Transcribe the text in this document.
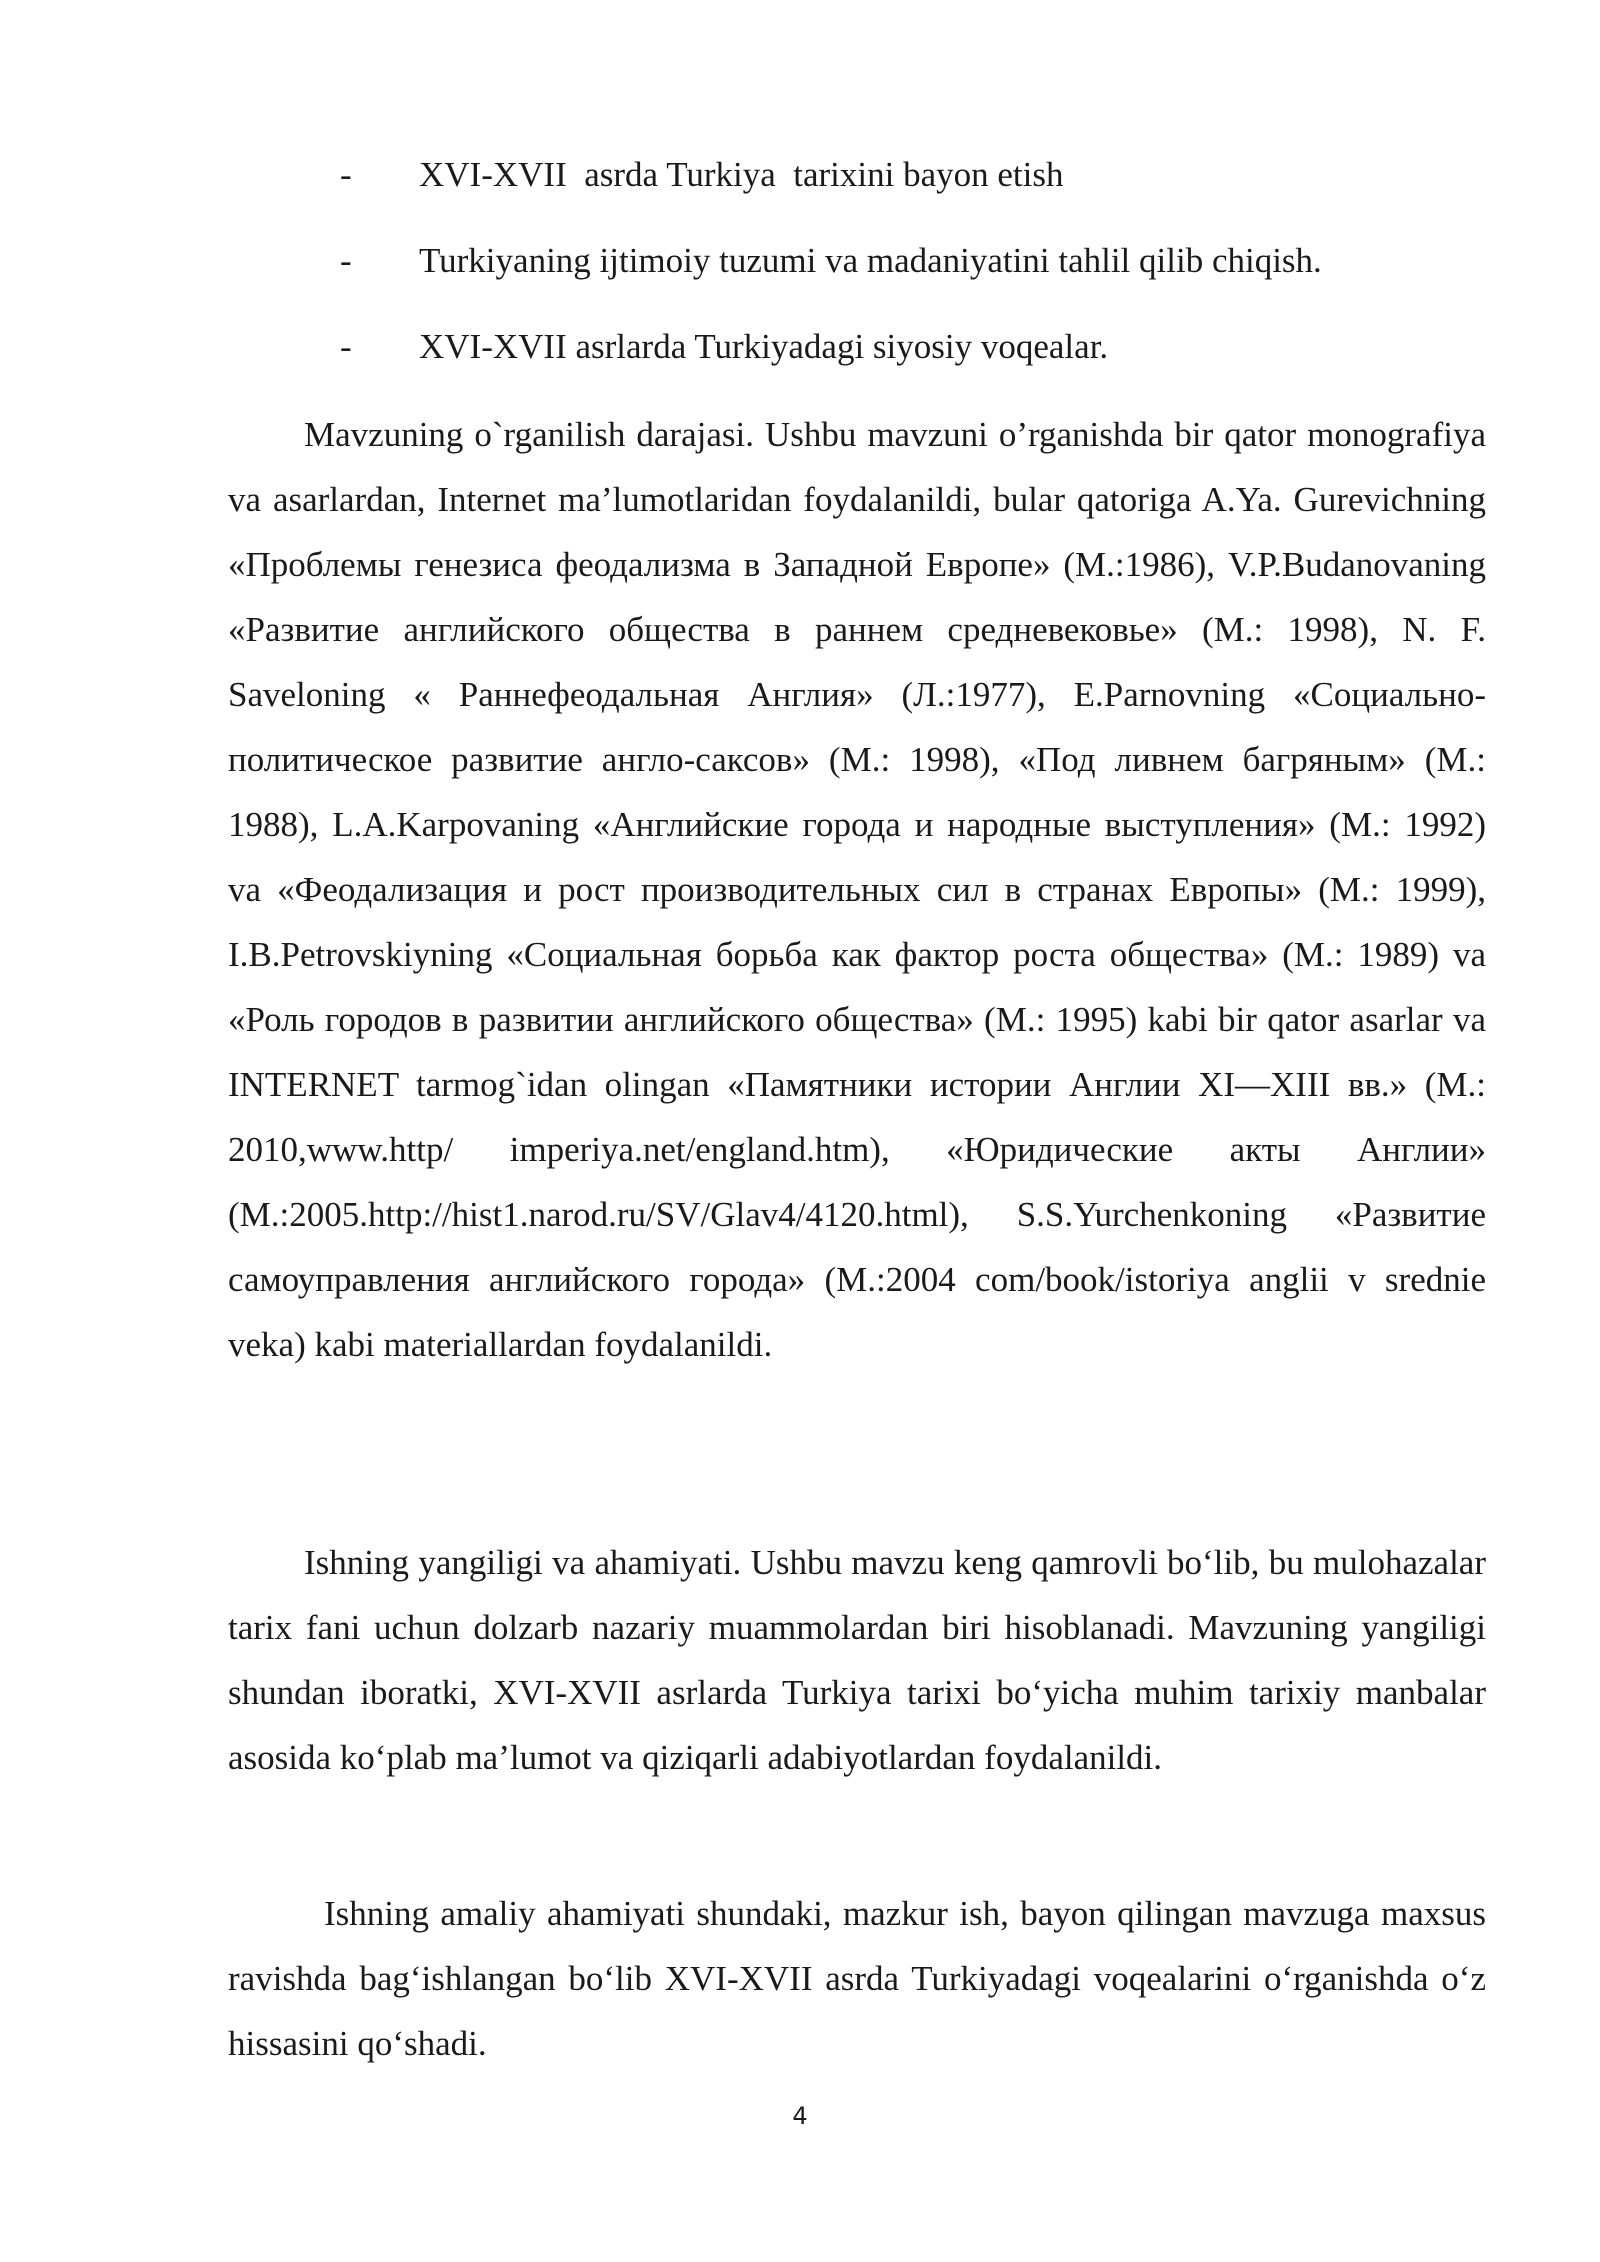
-	XVI-XVII  asrda Turkiya  tarixini bayon etish
-	Turkiyaning ijtimoiy tuzumi va madaniyatini tahlil qilib chiqish.
-	XVI-XVII asrlarda Turkiyadagi siyosiy voqealar.

Mavzuning o`rganilish darajasi. Ushbu mavzuni o’rganishda bir qator monografiya va asarlardan, Internet ma’lumotlaridan foydalanildi, bular qatoriga A.Ya. Gurevichning «Проблемы генезиса феодализма в Западной Европе» (M.:1986), V.P.Budanovaning «Развитие английского общества в раннем средневековье» (M.: 1998), N. F. Saveloning « Раннефеодальная Англия» (Л.:1977), E.Parnovning «Социально-политическое развитие англо-саксов» (M.: 1998), «Под ливнем багряным» (M.: 1988), L.A.Karpovaning «Английские города и народные выступления» (M.: 1992) va «Феодализация и рост производительных сил в странах Европы» (M.: 1999), I.B.Petrovskiyning «Социальная борьба как фактор роста общества» (M.: 1989) va «Роль городов в развитии английского общества» (M.: 1995) kabi bir qator asarlar va INTERNET tarmog`idan olingan «Памятники истории Англии XI—XIII вв.» (M.: 2010,www.http/ imperiya.net/england.htm), «Юридические акты Англии» (M.:2005.http://hist1.narod.ru/SV/Glav4/4120.html), S.S.Yurchenkoning «Развитие самоуправления английского города» (M.:2004 com/book/istoriya anglii v srednie veka) kabi materiallardan foydalanildi.

Ishning yangiligi va ahamiyati. Ushbu mavzu keng qamrovli bo‘lib, bu mulohazalar tarix fani uchun dolzarb nazariy muammolardan biri hisoblanadi. Mavzuning yangiligi shundan iboratki, XVI-XVII asrlarda Turkiya tarixi bo‘yicha muhim tarixiy manbalar asosida ko‘plab ma’lumot va qiziqarli adabiyotlardan foydalanildi.

Ishning amaliy ahamiyati shundaki, mazkur ish, bayon qilingan mavzuga maxsus ravishda bag‘ishlangan bo‘lib XVI-XVII asrda Turkiyadagi voqealarini o‘rganishda o‘z hissasini qo‘shadi.

4
